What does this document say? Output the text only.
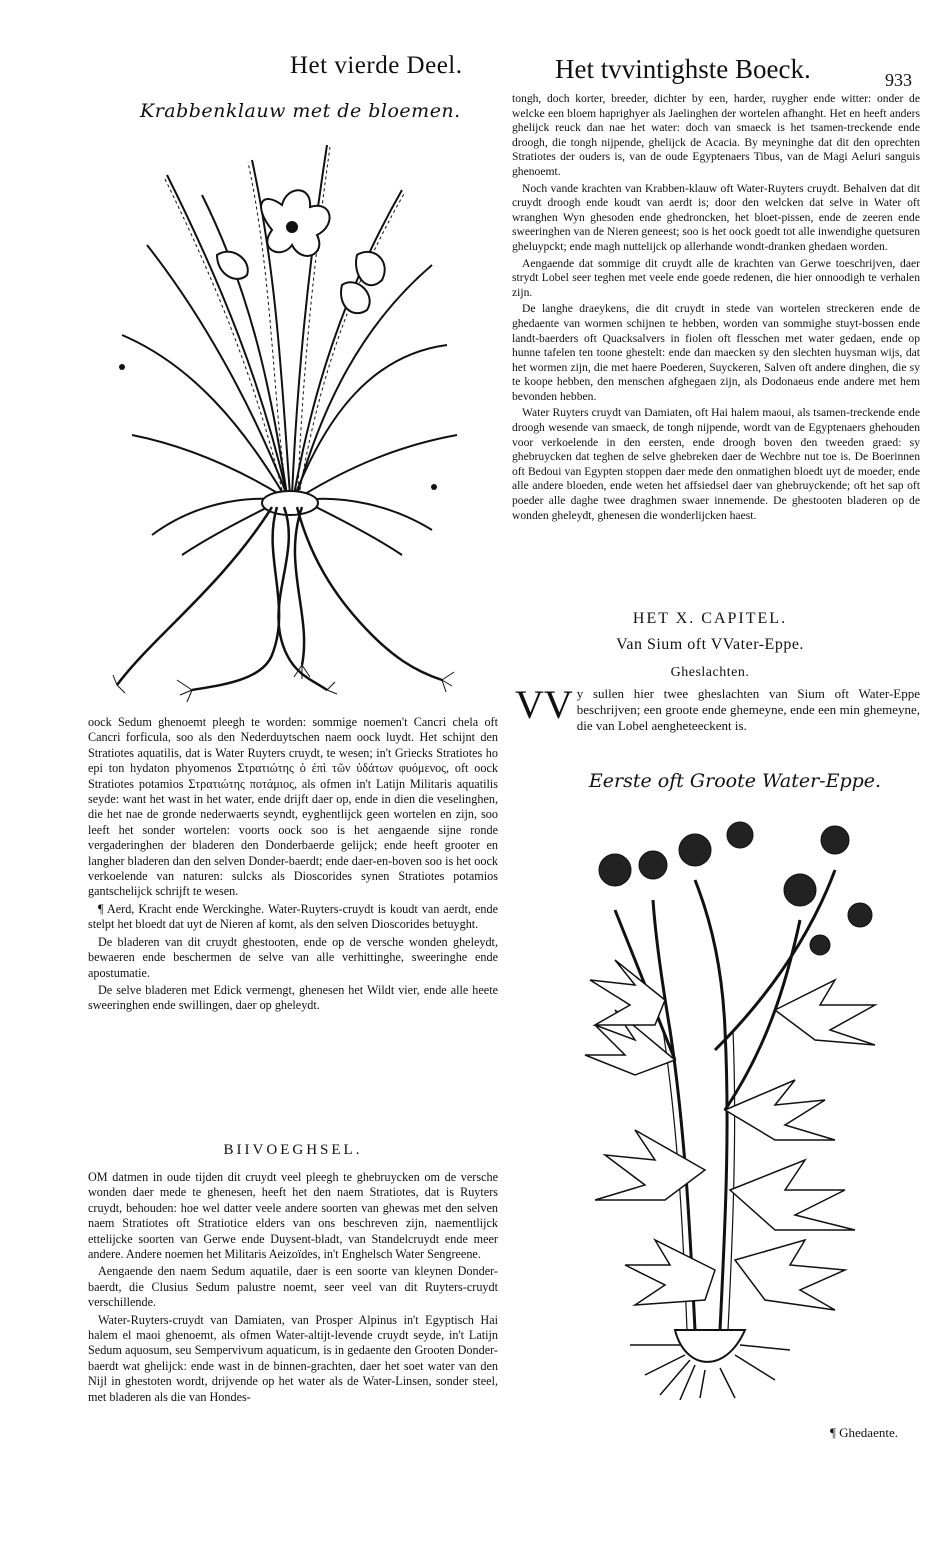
Het vierde Deel.	Het tvvintighste Boeck.	933
Krabbenklauw met de bloemen.

oock Sedum ghenoemt pleegh te worden: sommige noemen't Cancri chela oft Cancri forficula, soo als den Nederduytschen naem oock luydt. Het schijnt den Stratiotes aquatilis, dat is Water Ruyters cruydt, te wesen; in't Griecks Stratiotes ho epi ton hydaton phyomenos Στρατιώτης ὁ ἐπὶ τῶν ὑδάτων φυόμενος, oft oock Stratiotes potamios Στρατιώτης ποτάμιος, als ofmen in't Latijn Militaris aquatilis seyde: want het wast in het water, ende drijft daer op, ende in dien die veselinghen, die het nae de gronde nederwaerts seyndt, eyghentlijck geen wortelen en zijn, soo leeft het sonder wortelen: voorts oock soo is het aengaende sijne ronde vergaderinghen der bladeren den Donderbaerde gelijck; ende heeft grooter en langher bladeren dan den selven Donder-baerdt; ende daer-en-boven soo is het oock verkoelende van naturen: sulcks als Dioscorides synen Stratiotes potamios gantschelijck schrijft te wesen.

¶ Aerd, Kracht ende Werckinghe. Water-Ruyters-cruydt is koudt van aerdt, ende stelpt het bloedt dat uyt de Nieren af komt, als den selven Dioscorides betuyght.

De bladeren van dit cruydt ghestooten, ende op de versche wonden gheleydt, bewaeren ende beschermen de selve van alle verhittinghe, sweeringhe ende apostumatie.

De selve bladeren met Edick vermengt, ghenesen het Wildt vier, ende alle heete sweeringhen ende swillingen, daer op gheleydt.

BIIVOEGHSEL.

OM datmen in oude tijden dit cruydt veel pleegh te ghebruycken om de versche wonden daer mede te ghenesen, heeft het den naem Stratiotes, dat is Ruyters cruydt, behouden: hoe wel datter veele andere soorten van ghewas met den selven naem Stratiotes oft Stratiotice elders van ons beschreven zijn, naementlijck ettelijcke soorten van Gerwe ende Duysent-bladt, van Standelcruydt ende meer andere. Andere noemen het Militaris Aeizoïdes, in't Enghelsch Water Sengreene.

Aengaende den naem Sedum aquatile, daer is een soorte van kleynen Donder-baerdt, die Clusius Sedum palustre noemt, seer veel van dit Ruyters-cruydt verschillende.

Water-Ruyters-cruydt van Damiaten, van Prosper Alpinus in't Egyptisch Hai halem el maoi ghenoemt, als ofmen Water-altijt-levende cruydt seyde, in't Latijn Sedum aquosum, seu Sempervivum aquaticum, is in gedaente den Grooten Donder-baerdt wat ghelijck: ende wast in de binnen-grachten, daer het soet water van den Nijl in ghestoten wordt, drijvende op het water als de Water-Linsen, sonder steel, met bladeren als die van Hondes-

tongh, doch korter, breeder, dichter by een, harder, ruygher ende witter: onder de welcke een bloem haprighyer als Jaelinghen der wortelen afhanght. Het en heeft anders ghelijck reuck dan nae het water: doch van smaeck is het tsamen-treckende ende droogh, die tongh nijpende, ghelijck de Acacia. By meyninghe dat dit den oprechten Stratiotes der ouders is, van de oude Egyptenaers Tibus, van de Magi Aeluri sanguis ghenoemt.

Noch vande krachten van Krabben-klauw oft Water-Ruyters cruydt. Behalven dat dit cruydt droogh ende koudt van aerdt is; door den welcken dat selve in Water oft wranghen Wyn ghesoden ende ghedroncken, het bloet-pissen, ende de zeeren ende sweeringhen van de Nieren geneest; soo is het oock goedt tot alle inwendighe quetsuren gheluypckt; ende magh nuttelijck op allerhande wondt-dranken ghedaen worden.

Aengaende dat sommige dit cruydt alle de krachten van Gerwe toeschrijven, daer strydt Lobel seer teghen met veele ende goede redenen, die hier onnoodigh te verhalen zijn.

De langhe draeykens, die dit cruydt in stede van wortelen streckeren ende de ghedaente van wormen schijnen te hebben, worden van sommighe stuyt-bossen ende landt-baerders oft Quacksalvers in fiolen oft flesschen met water gedaen, ende op hunne tafelen ten toone ghestelt: ende dan maecken sy den slechten huysman wijs, dat het wormen zijn, die met haere Poederen, Suyckeren, Salven oft andere dinghen, die sy te koope hebben, den menschen afghegaen zijn, als Dodonaeus ende andere met hem bevonden hebben.

Water Ruyters cruydt van Damiaten, oft Hai halem maoui, als tsamen-treckende ende droogh wesende van smaeck, de tongh nijpende, wordt van de Egyptenaers ghehouden voor verkoelende in den eersten, ende droogh boven den tweeden graed: sy ghebruycken dat teghen de selve ghebreken daer de Wechbre nut toe is. De Boerinnen oft Bedoui van Egypten stoppen daer mede den onmatighen bloedt uyt de moeder, ende alle andere bloeden, ende weten het affsiedsel daer van ghebruyckende; oft het sap oft poeder alle daghe twee draghmen swaer innemende. De ghestooten bladeren op de wonden gheleydt, ghenesen die wonderlijcken haest.

HET X. CAPITEL.
Van Sium oft VVater-Eppe.
Gheslachten.
VV y sullen hier twee gheslachten van Sium oft Water-Eppe beschrijven; een groote ende ghemeyne, ende een min ghemeyne, die van Lobel aengheteeckent is.
Eerste oft Groote Water-Eppe.
¶ Ghedaente.
